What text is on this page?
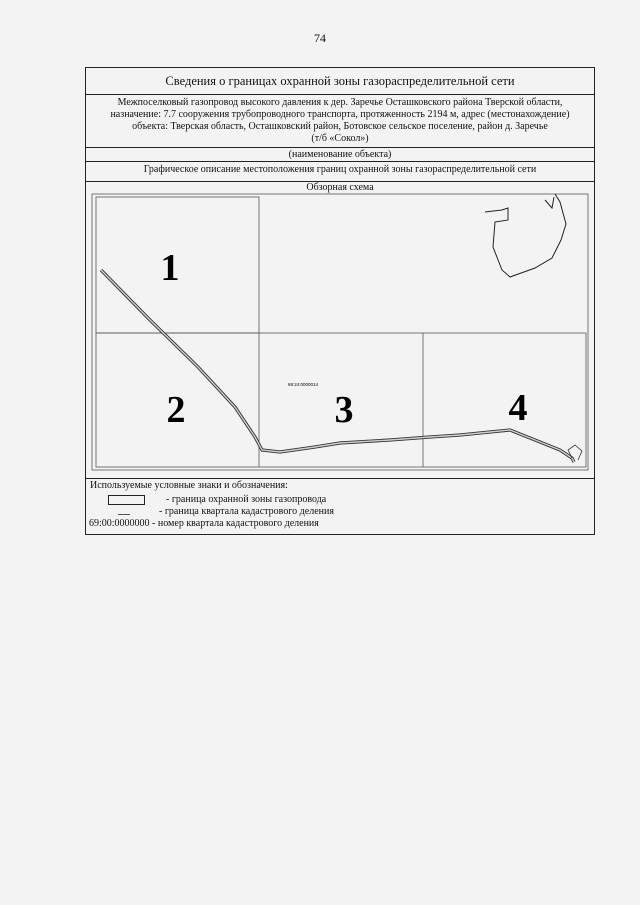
74
Сведения о границах охранной зоны газораспределительной сети
Межпоселковый газопровод высокого давления к дер. Заречье Осташковского района Тверской области,
назначение: 7.7 сооружения трубопроводного транспорта, протяженность 2194 м, адрес (местонахождение)
объекта: Тверская область, Осташковский район, Ботовское сельское поселение, район д. Заречье
(т/б «Сокол»)
(наименование объекта)
Графическое описание местоположения границ охранной зоны газораспределительной сети
Обзорная схема
1
2	3	4
69:24:0000014
Используемые условные знаки и обозначения:
- граница охранной зоны газопровода
- граница квартала кадастрового деления
69:00:0000000 - номер квартала кадастрового деления
